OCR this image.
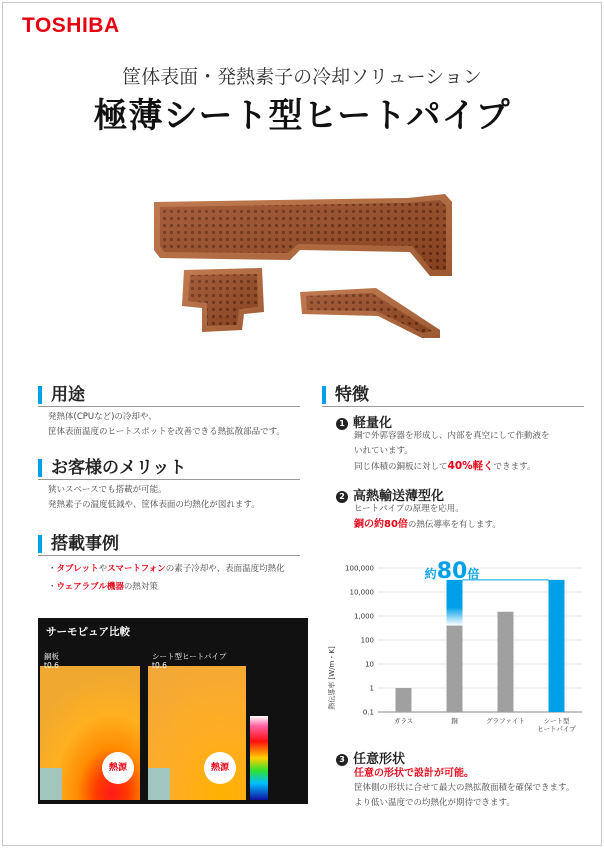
TOSHIBA
筐体表面・発熱素子の冷却ソリューション
極薄シート型ヒートパイプ
用途
発熱体(CPUなど)の冷却や、
筐体表面温度のヒートスポットを改善できる熱拡散部品です。
お客様のメリット
狭いスペースでも搭載が可能。
発熱素子の温度低減や、筐体表面の均熱化が図れます。
搭載事例
・タブレットやスマートフォンの素子冷却や、表面温度均熱化
・ウェアラブル機器の熱対策
サーモピュア比較
銅板
t0.6
シート型ヒートパイプ
t0.6
熱源	熱源
特徴
1 軽量化
銅で外郭容器を形成し、内部を真空にして作動液を
いれています。
同じ体積の銅板に対して40%軽くできます。
2 高熱輸送薄型化
ヒートパイプの原理を応用。
銅の約80倍の熱伝導率を有します。
0.1
1
10
100
1,000
10,000
100,000
ガラス	銅	グラファイト	シート型
ヒートパイプ
熱伝導率 [W/m・K]
約80倍
3 任意形状
任意の形状で設計が可能。
筐体側の形状に合せて最大の熱拡散面積を確保できます。
より低い温度での均熱化が期待できます。
